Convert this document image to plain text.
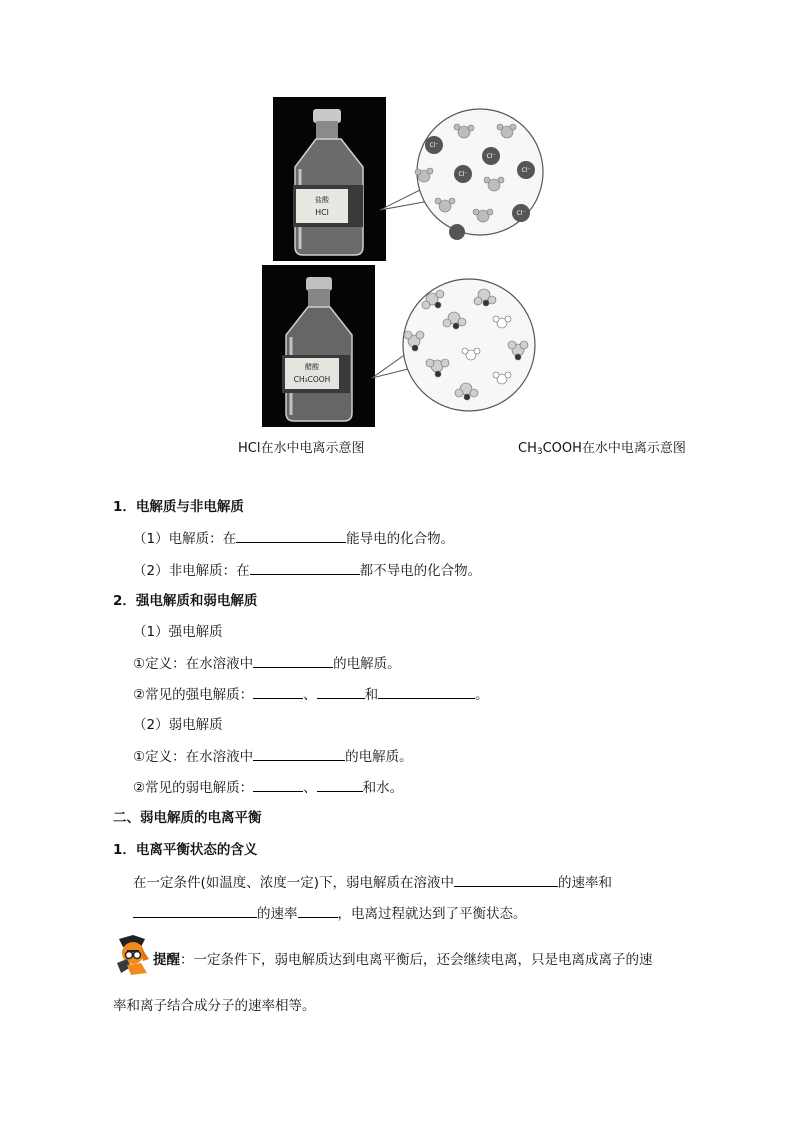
盐酸
HCl
Cl⁻
Cl⁻
Cl⁻
Cl⁻
Cl⁻
醋酸
CH₃COOH
HCl在水中电离示意图	$CH_3COOH$在水中电离示意图
1．电解质与非电解质
（1）电解质：在	能导电的化合物。
（2）非电解质：在	都不导电的化合物。
2．强电解质和弱电解质
（1）强电解质
①定义：在水溶液中	的电解质。
②常见的强电解质：	、	和	。
（2）弱电解质
①定义：在水溶液中	的电解质。
②常见的弱电解质：	、	和水。
二、弱电解质的电离平衡
1．电离平衡状态的含义
在一定条件(如温度、浓度一定)下，弱电解质在溶液中	的速率和
的速率	，电离过程就达到了平衡状态。
提醒：一定条件下，弱电解质达到电离平衡后，还会继续电离，只是电离成离子的速
率和离子结合成分子的速率相等。
